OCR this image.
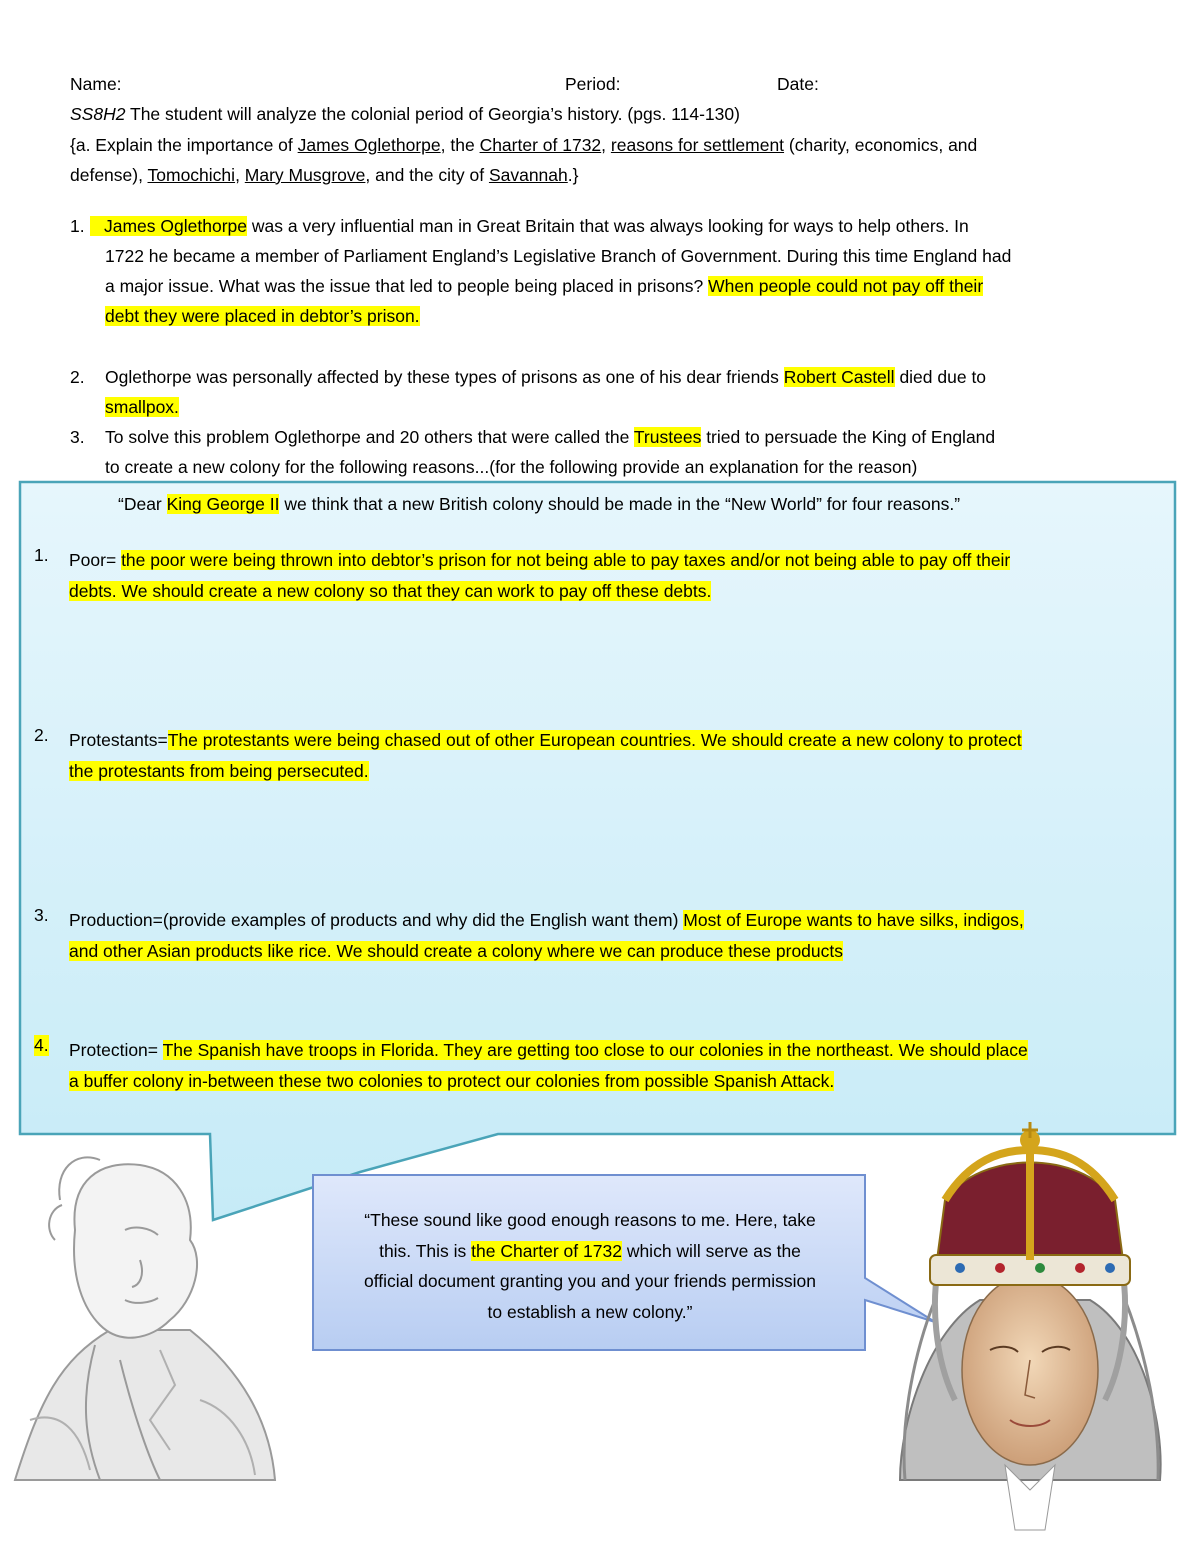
Name:	Period:	Date:
SS8H2 The student will analyze the colonial period of Georgia’s history. (pgs. 114-130)
{a. Explain the importance of James Oglethorpe, the Charter of 1732, reasons for settlement (charity, economics, and
defense), Tomochichi, Mary Musgrove, and the city of Savannah.}
1.	James Oglethorpe was a very influential man in Great Britain that was always looking for ways to help others. In
1722 he became a member of Parliament England’s Legislative Branch of Government. During this time England had
a major issue. What was the issue that led to people being placed in prisons? When people could not pay off their
debt they were placed in debtor’s prison.
2.	Oglethorpe was personally affected by these types of prisons as one of his dear friends Robert Castell died due to
smallpox.
3.	To solve this problem Oglethorpe and 20 others that were called the Trustees tried to persuade the King of England
to create a new colony for the following reasons...(for the following provide an explanation for the reason)
“Dear King George II we think that a new British colony should be made in the “New World” for four reasons.”
1. Poor= the poor were being thrown into debtor’s prison for not being able to pay taxes and/or not being able to pay off their
debts. We should create a new colony so that they can work to pay off these debts.
2. Protestants=The protestants were being chased out of other European countries. We should create a new colony to protect
the protestants from being persecuted.
3. Production=(provide examples of products and why did the English want them) Most of Europe wants to have silks, indigos,
and other Asian products like rice. We should create a colony where we can produce these products
4. Protection= The Spanish have troops in Florida. They are getting too close to our colonies in the northeast. We should place
a buffer colony in-between these two colonies to protect our colonies from possible Spanish Attack.
“These sound like good enough reasons to me. Here, take
this. This is the Charter of 1732 which will serve as the
official document granting you and your friends permission
to establish a new colony.”
